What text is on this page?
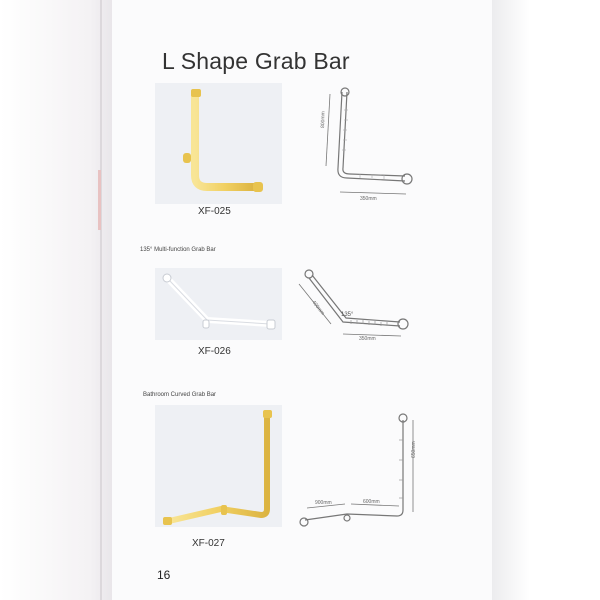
L Shape Grab Bar
800mm
350mm
XF-025
135° Multi-function Grab Bar
400mm	135°
350mm
XF-026
Bathroom Curved Grab Bar
650mm
900mm	600mm
XF-027
16
